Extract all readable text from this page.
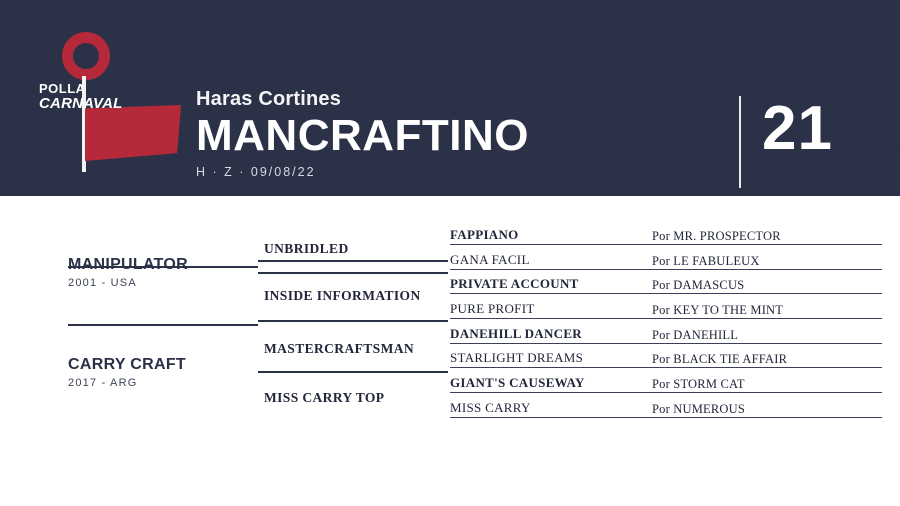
POLLA
CARNAVAL	Haras Cortines
MANCRAFTINO
H · Z · 09/08/22
21
MANIPULATOR
2001 - USA
CARRY CRAFT
2017 - ARG
UNBRIDLED
INSIDE INFORMATION
MASTERCRAFTSMAN
MISS CARRY TOP
FAPPIANO	Por MR. PROSPECTOR
GANA FACIL	Por LE FABULEUX
PRIVATE ACCOUNT	Por DAMASCUS
PURE PROFIT	Por KEY TO THE MINT
DANEHILL DANCER	Por DANEHILL
STARLIGHT DREAMS	Por BLACK TIE AFFAIR
GIANT'S CAUSEWAY	Por STORM CAT
MISS CARRY	Por NUMEROUS
